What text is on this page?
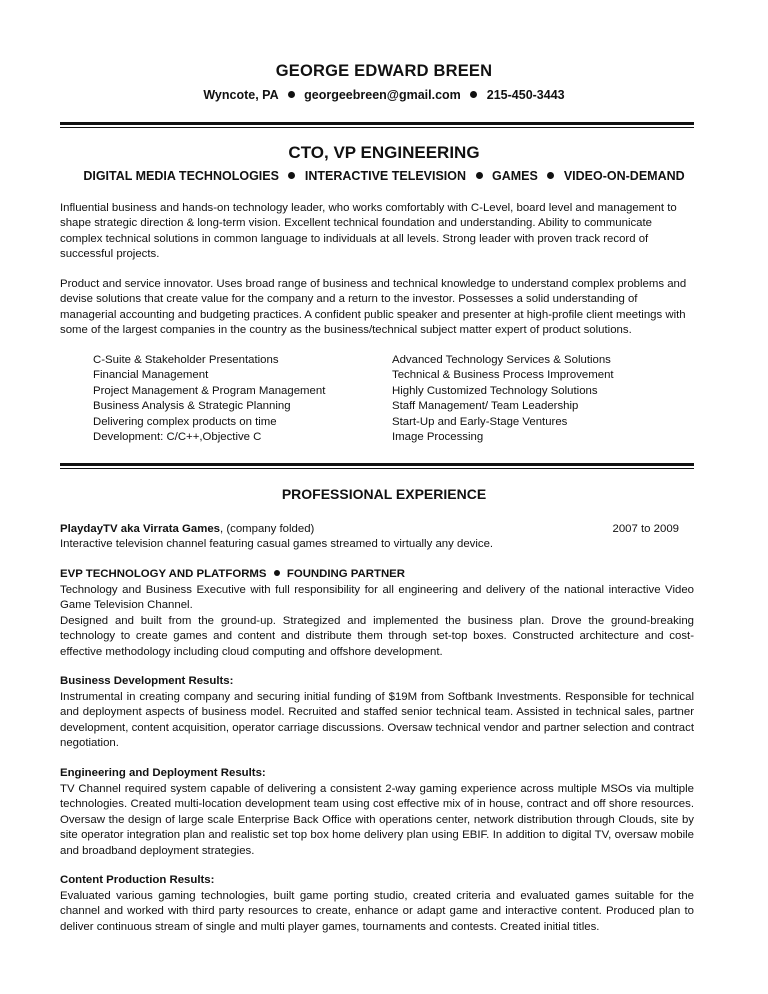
GEORGE EDWARD BREEN
Wyncote, PA georgeebreen@gmail.com 215-450-3443
CTO, VP ENGINEERING
DIGITAL MEDIA TECHNOLOGIES INTERACTIVE TELEVISION GAMES VIDEO-ON-DEMAND

Influential business and hands-on technology leader, who works comfortably with C-Level, board level and management to shape strategic direction & long-term vision. Excellent technical foundation and understanding. Ability to communicate complex technical solutions in common language to individuals at all levels. Strong leader with proven track record of successful projects.

Product and service innovator. Uses broad range of business and technical knowledge to understand complex problems and devise solutions that create value for the company and a return to the investor. Possesses a solid understanding of managerial accounting and budgeting practices. A confident public speaker and presenter at high-profile client meetings with some of the largest companies in the country as the business/technical subject matter expert of product solutions.

C-Suite & Stakeholder Presentations
Financial Management
Project Management & Program Management
Business Analysis & Strategic Planning
Delivering complex products on time
Development: C/C++,Objective C
Advanced Technology Services & Solutions
Technical & Business Process Improvement
Highly Customized Technology Solutions
Staff Management/ Team Leadership
Start-Up and Early-Stage Ventures
Image Processing
PROFESSIONAL EXPERIENCE
PlaydayTV aka Virrata Games, (company folded)	2007 to 2009

Interactive television channel featuring casual games streamed to virtually any device.

EVP TECHNOLOGY AND PLATFORMS FOUNDING PARTNER

Technology and Business Executive with full responsibility for all engineering and delivery of the national interactive Video Game Television Channel.

Designed and built from the ground-up. Strategized and implemented the business plan. Drove the ground-breaking technology to create games and content and distribute them through set-top boxes. Constructed architecture and cost-effective methodology including cloud computing and offshore development.

Business Development Results:

Instrumental in creating company and securing initial funding of $19M from Softbank Investments. Responsible for technical and deployment aspects of business model. Recruited and staffed senior technical team. Assisted in technical sales, partner development, content acquisition, operator carriage discussions. Oversaw technical vendor and partner selection and contract negotiation.

Engineering and Deployment Results:

TV Channel required system capable of delivering a consistent 2-way gaming experience across multiple MSOs via multiple technologies. Created multi-location development team using cost effective mix of in house, contract and off shore resources. Oversaw the design of large scale Enterprise Back Office with operations center, network distribution through Clouds, site by site operator integration plan and realistic set top box home delivery plan using EBIF. In addition to digital TV, oversaw mobile and broadband deployment strategies.

Content Production Results:

Evaluated various gaming technologies, built game porting studio, created criteria and evaluated games suitable for the channel and worked with third party resources to create, enhance or adapt game and interactive content. Produced plan to deliver continuous stream of single and multi player games, tournaments and contests. Created initial titles.
